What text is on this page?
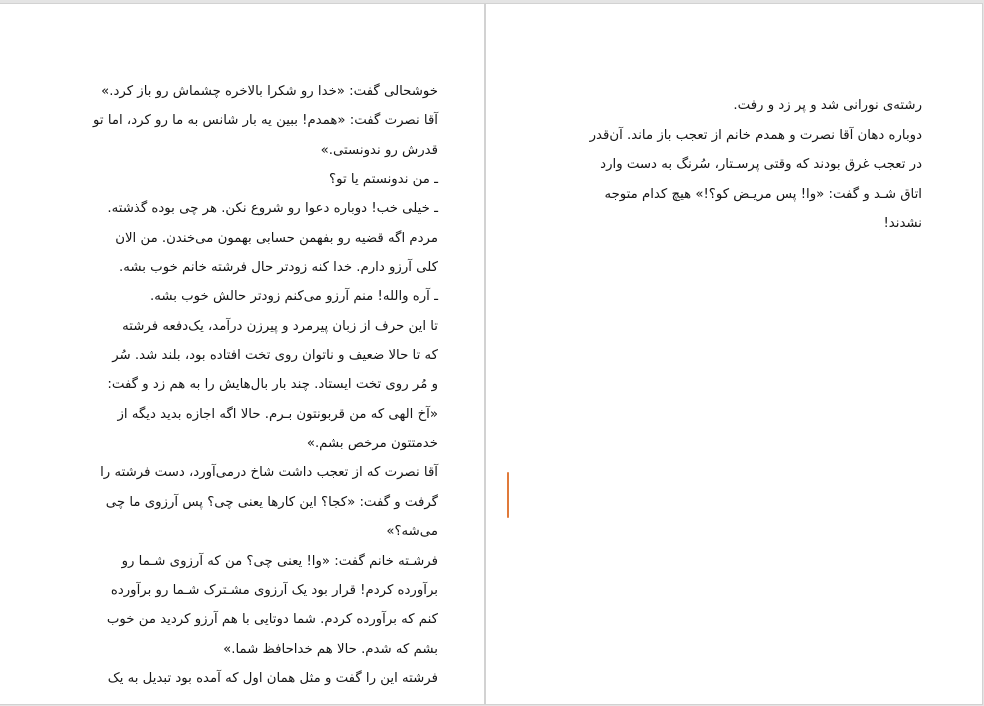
خوشحالی گفت: «خدا رو شکرا بالاخره چشماش رو باز کرد.»
آقا نصرت گفت: «همدم! ببین یه بار شانس به ما رو کرد، اما تو
قدرش رو ندونستی.»
ـ من ندونستم یا تو؟
ـ خیلی خب! دوباره دعوا رو شروع نکن. هر چی بوده گذشته.
مردم اگه قضیه رو بفهمن حسابی بهمون می‌خندن. من الان
کلی آرزو دارم. خدا کنه زودتر حال فرشته خانم خوب بشه.
ـ آره والله! منم آرزو می‌کنم زودتر حالش خوب بشه.
تا این حرف از زبان پیرمرد و پیرزن درآمد، یک‌دفعه فرشته
که تا حالا ضعیف و ناتوان روی تخت افتاده بود، بلند شد. سُر
و مُر روی تخت ایستاد. چند بار بال‌هایش را به هم زد و گفت:
«آخ الهی که من قربونتون بـرم. حالا اگه اجازه بدید دیگه از
خدمتتون مرخص بشم.»
آقا نصرت که از تعجب داشت شاخ درمی‌آورد، دست فرشته را
گرفت و گفت: «کجا؟ این کارها یعنی چی؟ پس آرزوی ما چی
می‌شه؟»
فرشـته خانم گفت: «وا! یعنی چی؟ من که آرزوی شـما رو
برآورده کردم! قرار بود یک آرزوی مشـترک شـما رو برآورده
کنم که برآورده کردم. شما دوتایی با هم آرزو کردید من خوب
بشم که شدم. حالا هم خداحافظ شما.»
فرشته این را گفت و مثل همان اول که آمده بود تبدیل به یک
رشته‌ی نورانی شد و پر زد و رفت.
دوباره دهان آقا نصرت و همدم خانم از تعجب باز ماند. آن‌قدر
در تعجب غرق بودند که وقتی پرسـتار، سُرنگ به دست وارد
اتاق شـد و گفت: «وا! پس مریـض کو؟!» هیچ کدام متوجه
نشدند!
